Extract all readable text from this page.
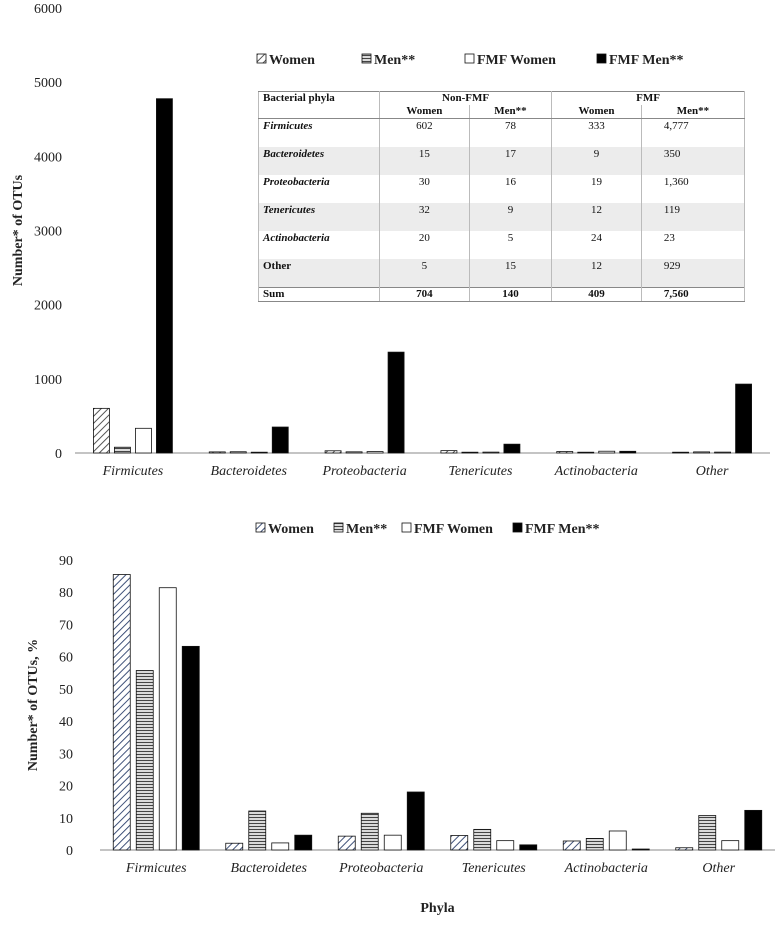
0
1000
2000
3000
4000
5000
6000
Number* of OTUs
Firmicutes	Bacteroidetes	Proteobacteria	Tenericutes	Actinobacteria	Other
Women	Men**	FMF Women	FMF Men**
0
10
20
30
40
50
60
70
80
90
Number* of OTUs, %
Firmicutes	Bacteroidetes Proteobacteria	Tenericutes	Actinobacteria	Other
Women Men** FMF Women FMF Men**
Phyla
Bacterial phyla	Non-FMF		FMF	
	Women	Men**	Women	Men**
Firmicutes	602	78	333	4,777
Bacteroidetes	15	17	9	350
Proteobacteria	30	16	19	1,360
Tenericutes	32	9	12	119
Actinobacteria	20	5	24	23
Other	5	15	12	929
Sum	704	140	409	7,560
